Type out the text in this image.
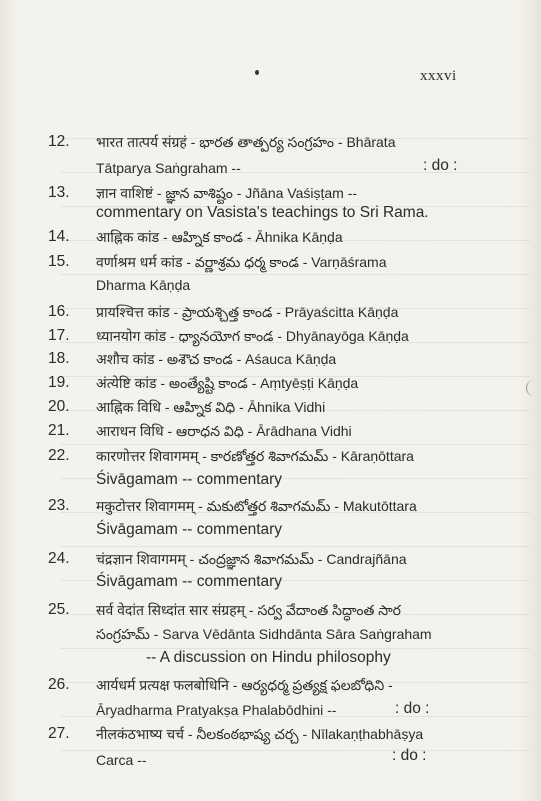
xxxvi
12. भारत तात्पर्य संग्रहं - భారత తాత్పర్య సంగ్రహం - Bhārata
Tātparya Saṅgraham --	: do :
13. ज्ञान वाशिष्टं - జ్ఞాన వాశిష్టం - Jñāna Vaśiṣṭam --
commentary on Vasista's teachings to Sri Rama.
14. आह्निक कांड - ఆహ్నిక కాండ - Āhnika Kāṇḍa
15. वर्णाश्रम धर्म कांड - వర్ణాశ్రమ ధర్మ కాండ - Varṇāśrama
Dharma Kāṇḍa
16. प्रायश्चित्त कांड - ప్రాయశ్చిత్త కాండ - Prāyaścitta Kāṇḍa
17. ध्यानयोग कांड - ధ్యానయోగ కాండ - Dhyānayōga Kāṇḍa
18. अशौच कांड - అశౌచ కాండ - Aśauca Kāṇḍa
19. अंत्येष्टि कांड - అంత్యేష్టి కాండ - Aṃtyēṣṭi Kāṇḍa
20. आह्निक विधि - ఆహ్నిక విధి - Āhnika Vidhi
21. आराधन विधि - ఆరాధన విధి - Ārādhana Vidhi
22. कारणोत्तर शिवागमम् - కారణోత్తర శివాగమమ్ - Kāraṇōttara
Śivāgamam -- commentary
23. मकुटोत्तर शिवागमम् - మకుటోత్తర శివాగమమ్ - Makutōttara
Śivāgamam -- commentary
24. चंद्रज्ञान शिवागमम् - చంద్రజ్ఞాన శివాగమమ్ - Candrajñāna
Śivāgamam -- commentary
25. सर्व वेदांत सिध्दांत सार संग्रहम् - సర్వ వేదాంత సిద్ధాంత సార
సంగ్రహమ్ - Sarva Vēdānta Sidhdānta Sāra Saṅgraham
-- A discussion on Hindu philosophy
26. आर्यधर्म प्रत्यक्ष फलबोधिनि - ఆర్యధర్మ ప్రత్యక్ష ఫలబోధిని -
Āryadharma Pratyakṣa Phalabōdhini --	: do :
27. नीलकंठभाष्य चर्च - నీలకంఠభాష్య చర్చ - Nīlakaṇṭhabhāṣya
Carca --	: do :
